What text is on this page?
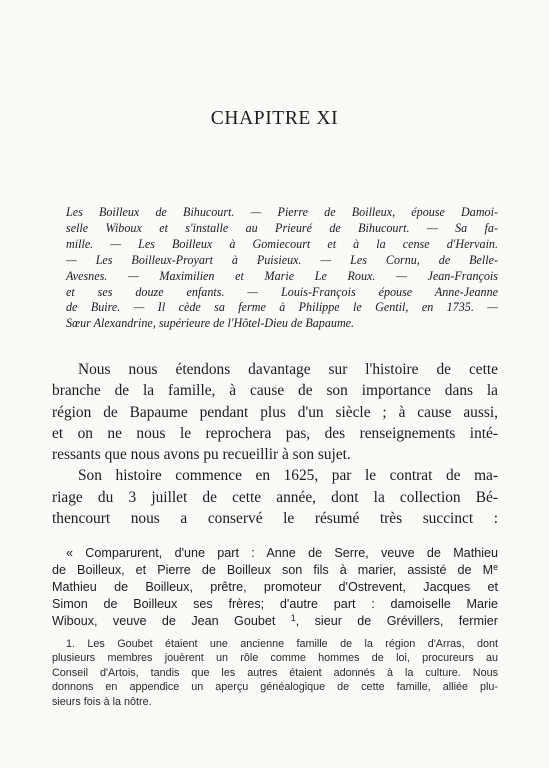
CHAPITRE XI
Les Boilleux de Bihucourt. — Pierre de Boilleux, épouse Damoi-
selle Wiboux et s'installe au Prieuré de Bihucourt. — Sa fa-
mille. — Les Boilleux à Gomiecourt et à la cense d'Hervain.
— Les Boilleux-Proyart à Puisieux. — Les Cornu, de Belle-
Avesnes. — Maximilien et Marie Le Roux. — Jean-François
et ses douze enfants. — Louis-François épouse Anne-Jeanne
de Buire. — Il cède sa ferme à Philippe le Gentil, en 1735. —
Sœur Alexandrine, supérieure de l'Hôtel-Dieu de Bapaume.
Nous nous étendons davantage sur l'histoire de cette
branche de la famille, à cause de son importance dans la
région de Bapaume pendant plus d'un siècle ; à cause aussi,
et on ne nous le reprochera pas, des renseignements inté-
ressants que nous avons pu recueillir à son sujet.
Son histoire commence en 1625, par le contrat de ma-
riage du 3 juillet de cette année, dont la collection Bé-
thencourt nous a conservé le résumé très succinct :
« Comparurent, d'une part : Anne de Serre, veuve de Mathieu
de Boilleux, et Pierre de Boilleux son fils à marier, assisté de Me
Mathieu de Boilleux, prêtre, promoteur d'Ostrevent, Jacques et
Simon de Boilleux ses frères; d'autre part : damoiselle Marie
Wiboux, veuve de Jean Goubet $^1$, sieur de Grévillers, fermier
1. Les Goubet étaient une ancienne famille de la région d'Arras, dont
plusieurs membres jouèrent un rôle comme hommes de loi, procureurs au
Conseil d'Artois, tandis que les autres étaient adonnés à la culture. Nous
donnons en appendice un aperçu généalogique de cette famille, alliée plu-
sieurs fois à la nôtre.
